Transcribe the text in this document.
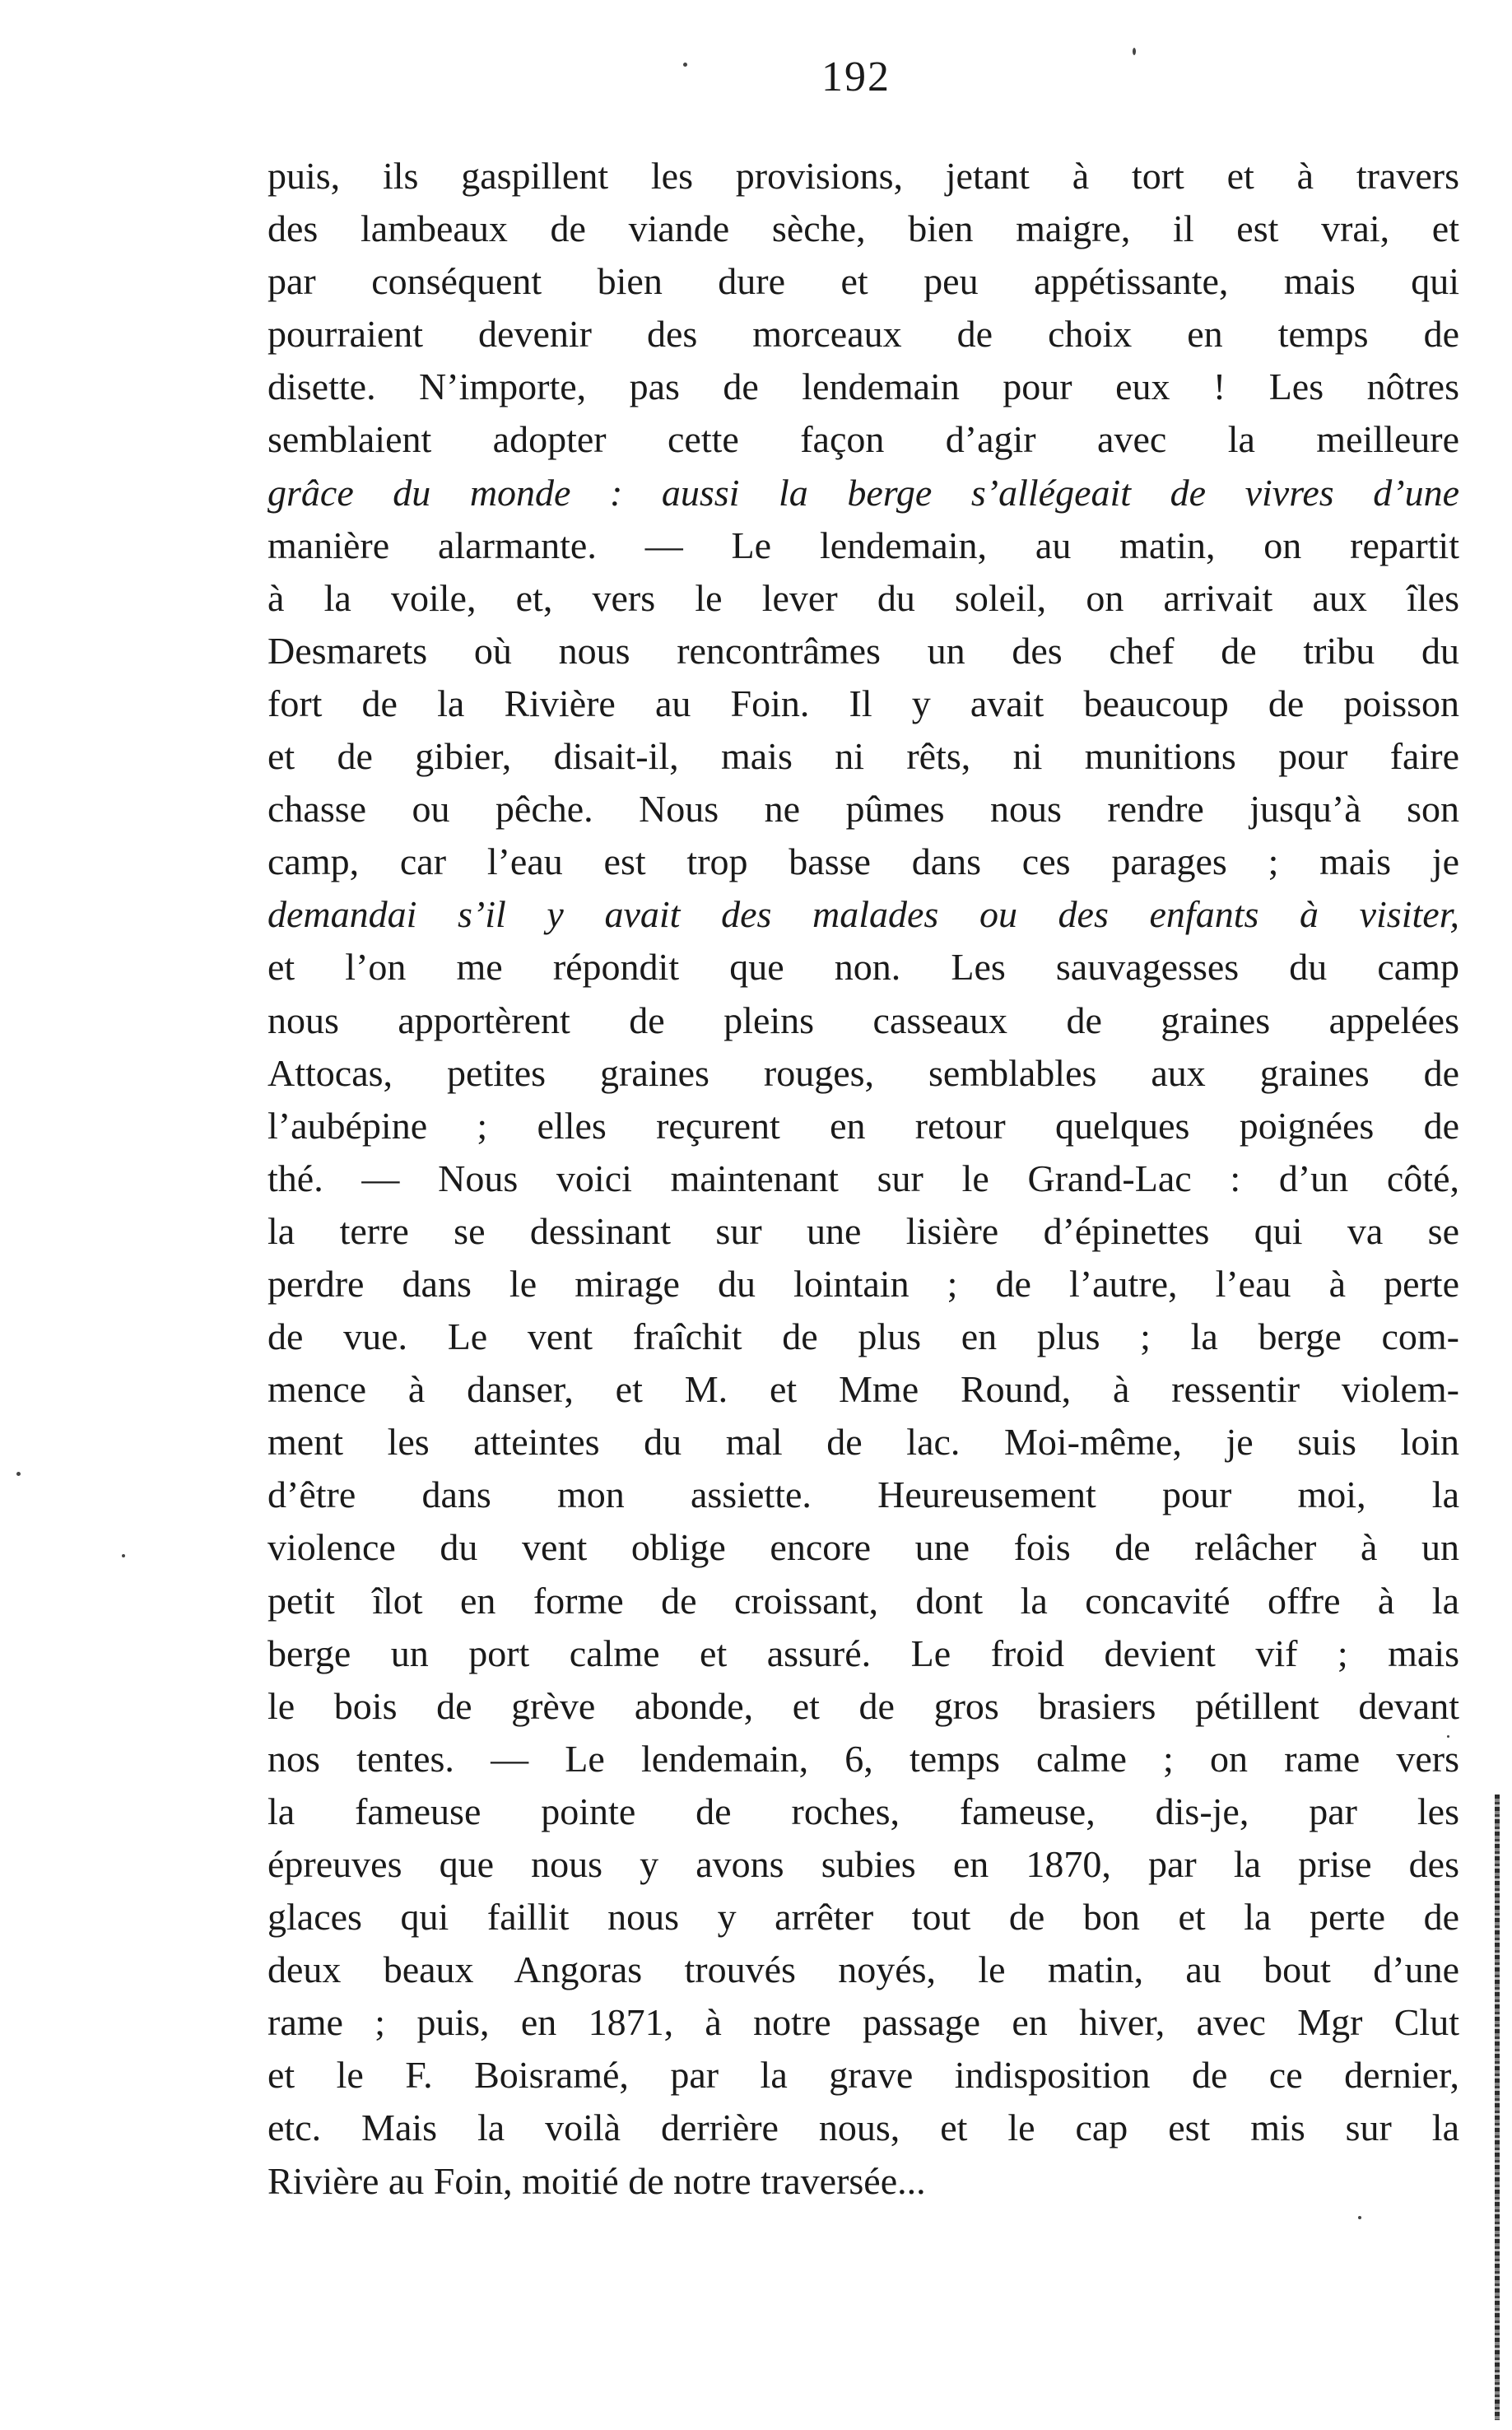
192
puis, ils gaspillent les provisions, jetant à tort et à travers
des lambeaux de viande sèche, bien maigre, il est vrai, et
par conséquent bien dure et peu appétissante, mais qui
pourraient devenir des morceaux de choix en temps de
disette. N’importe, pas de lendemain pour eux ! Les nôtres
semblaient adopter cette façon d’agir avec la meilleure
grâce du monde : aussi la berge s’allégeait de vivres d’une
manière alarmante. — Le lendemain, au matin, on repartit
à la voile, et, vers le lever du soleil, on arrivait aux îles
Desmarets où nous rencontrâmes un des chef de tribu du
fort de la Rivière au Foin. Il y avait beaucoup de poisson
et de gibier, disait-il, mais ni rêts, ni munitions pour faire
chasse ou pêche. Nous ne pûmes nous rendre jusqu’à son
camp, car l’eau est trop basse dans ces parages ; mais je
demandai s’il y avait des malades ou des enfants à visiter,
et l’on me répondit que non. Les sauvagesses du camp
nous apportèrent de pleins casseaux de graines appelées
Attocas, petites graines rouges, semblables aux graines de
l’aubépine ; elles reçurent en retour quelques poignées de
thé. — Nous voici maintenant sur le Grand-Lac : d’un côté,
la terre se dessinant sur une lisière d’épinettes qui va se
perdre dans le mirage du lointain ; de l’autre, l’eau à perte
de vue. Le vent fraîchit de plus en plus ; la berge com-
mence à danser, et M. et Mme Round, à ressentir violem-
ment les atteintes du mal de lac. Moi-même, je suis loin
d’être dans mon assiette. Heureusement pour moi, la
violence du vent oblige encore une fois de relâcher à un
petit îlot en forme de croissant, dont la concavité offre à la
berge un port calme et assuré. Le froid devient vif ; mais
le bois de grève abonde, et de gros brasiers pétillent devant
nos tentes. — Le lendemain, 6, temps calme ; on rame vers
la fameuse pointe de roches, fameuse, dis-je, par les
épreuves que nous y avons subies en 1870, par la prise des
glaces qui faillit nous y arrêter tout de bon et la perte de
deux beaux Angoras trouvés noyés, le matin, au bout d’une
rame ; puis, en 1871, à notre passage en hiver, avec Mgr Clut
et le F. Boisramé, par la grave indisposition de ce dernier,
etc. Mais la voilà derrière nous, et le cap est mis sur la
Rivière au Foin, moitié de notre traversée...
